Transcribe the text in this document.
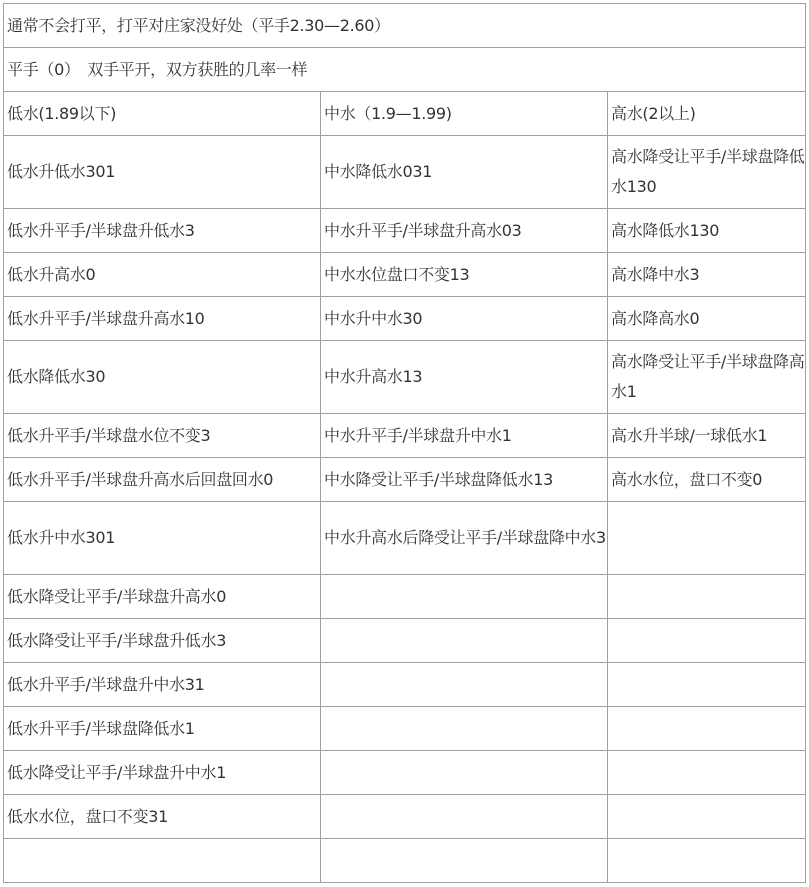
通常不会打平，打平对庄家没好处（平手2.30—2.60）		
平手（0）　双手平开，双方获胜的几率一样		
低水(1.89以下)	中水（1.9—1.99)	高水(2以上)
低水升低水301	中水降低水031	高水降受让平手/半球盘降低水130
低水升平手/半球盘升低水3	中水升平手/半球盘升高水03	高水降低水130
低水升高水0	中水水位盘口不变13	高水降中水3
低水升平手/半球盘升高水10	中水升中水30	高水降高水0
低水降低水30	中水升高水13	高水降受让平手/半球盘降高水1
低水升平手/半球盘水位不变3	中水升平手/半球盘升中水1	高水升半球/一球低水1
低水升平手/半球盘升高水后回盘回水0	中水降受让平手/半球盘降低水13	高水水位，盘口不变0
低水升中水301	中水升高水后降受让平手/半球盘降中水3	
低水降受让平手/半球盘升高水0		
低水降受让平手/半球盘升低水3		
低水升平手/半球盘升中水31		
低水升平手/半球盘降低水1		
低水降受让平手/半球盘升中水1		
低水水位，盘口不变31		
